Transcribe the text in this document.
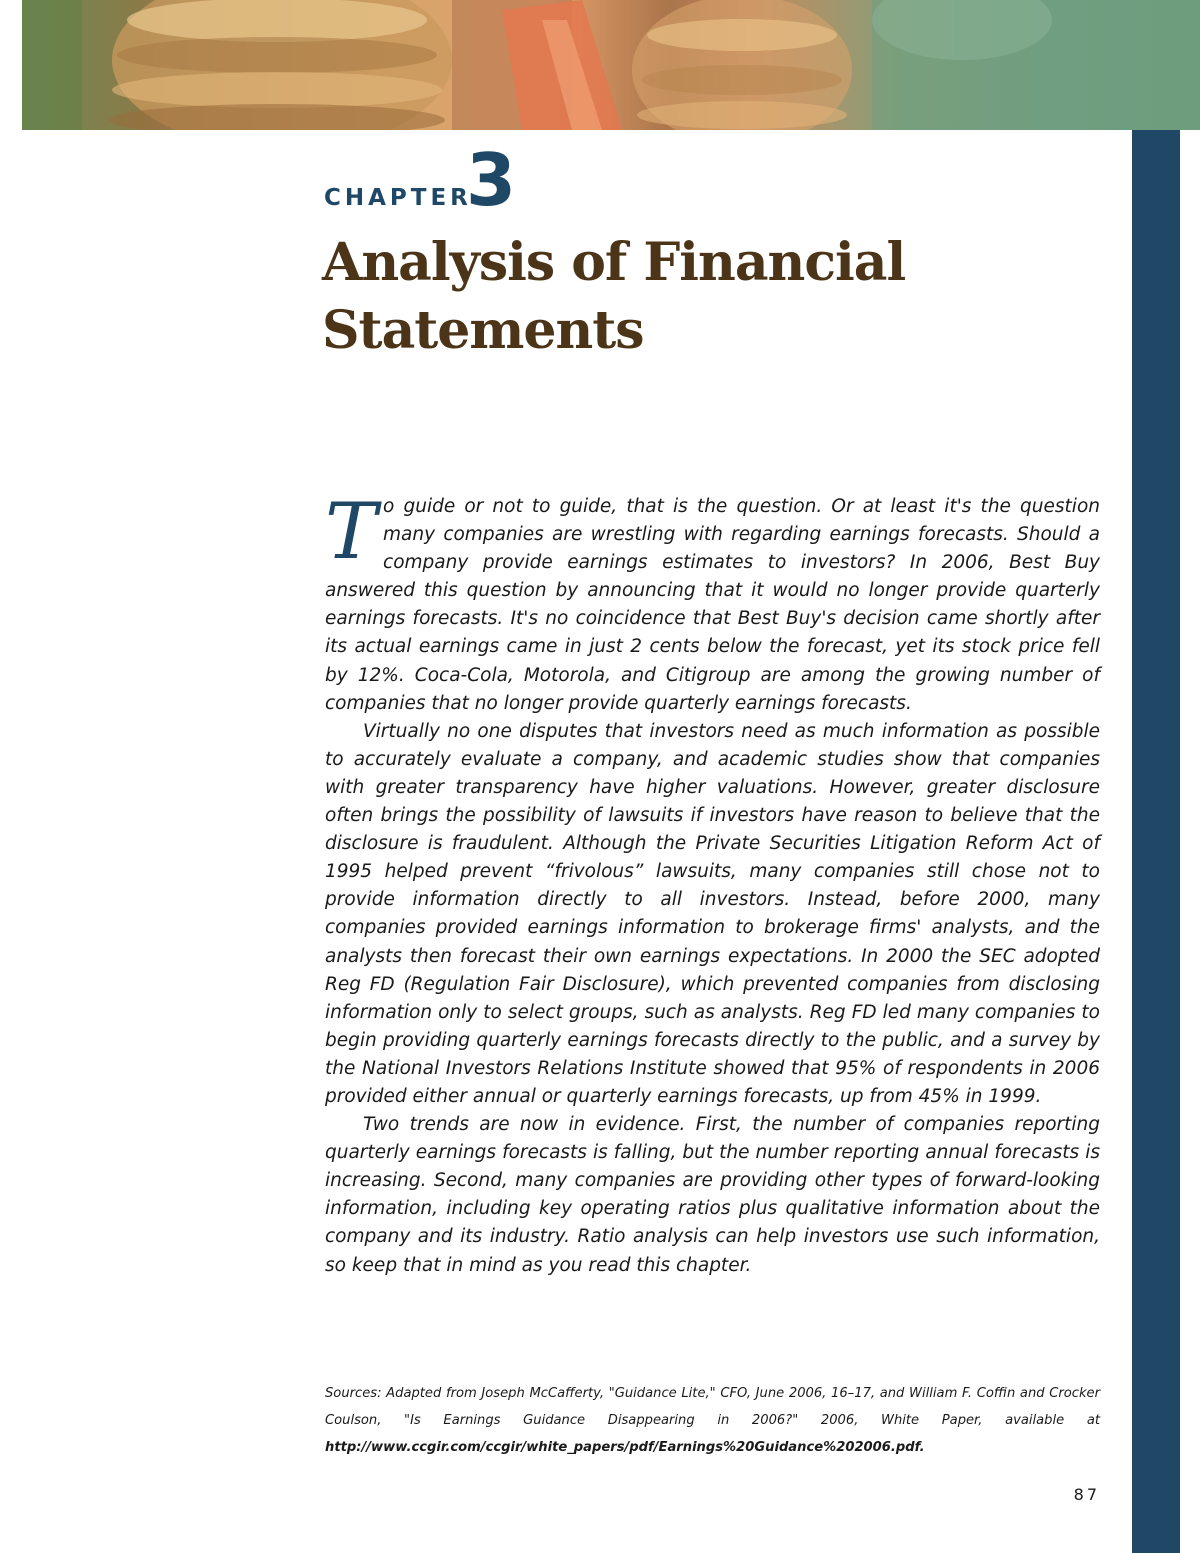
CHAPTER
3
Analysis of Financial
Statements

To guide or not to guide, that is the question. Or at least it's the question many companies are wrestling with regarding earnings forecasts. Should a company provide earnings estimates to investors? In 2006, Best Buy answered this question by announcing that it would no longer provide quarterly earnings forecasts. It's no coincidence that Best Buy's decision came shortly after its actual earnings came in just 2 cents below the forecast, yet its stock price fell by 12%. Coca-Cola, Motorola, and Citigroup are among the growing number of companies that no longer provide quarterly earnings forecasts.

Virtually no one disputes that investors need as much information as possible to accurately evaluate a company, and academic studies show that companies with greater transparency have higher valuations. However, greater disclosure often brings the possibility of lawsuits if investors have reason to believe that the disclosure is fraudulent. Although the Private Securities Litigation Reform Act of 1995 helped prevent “frivolous” lawsuits, many companies still chose not to provide information directly to all investors. Instead, before 2000, many companies provided earnings information to brokerage firms' analysts, and the analysts then forecast their own earnings expectations. In 2000 the SEC adopted Reg FD (Regulation Fair Disclosure), which prevented companies from disclosing information only to select groups, such as analysts. Reg FD led many companies to begin providing quarterly earnings forecasts directly to the public, and a survey by the National Investors Relations Institute showed that 95% of respondents in 2006 provided either annual or quarterly earnings forecasts, up from 45% in 1999.

Two trends are now in evidence. First, the number of companies reporting quarterly earnings forecasts is falling, but the number reporting annual forecasts is increasing. Second, many companies are providing other types of forward-looking information, including key operating ratios plus qualitative information about the company and its industry. Ratio analysis can help investors use such information, so keep that in mind as you read this chapter.

Sources: Adapted from Joseph McCafferty, "Guidance Lite," CFO, June 2006, 16–17, and William F. Coffin and Crocker Coulson, "Is Earnings Guidance Disappearing in 2006?" 2006, White Paper, available at http://www.ccgir.com/ccgir/white_papers/pdf/Earnings%20Guidance%202006.pdf.
87
